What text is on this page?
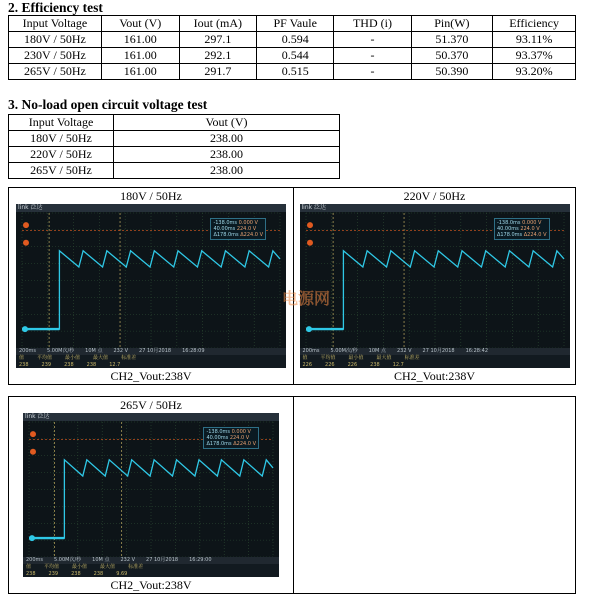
2. Efficiency test
Input Voltage	Vout (V)	Iout (mA)	PF Vaule	THD (i)	Pin(W)	Efficiency
180V / 50Hz	161.00	297.1	0.594	-	51.370	93.11%
230V / 50Hz	161.00	292.1	0.544	-	50.370	93.37%
265V / 50Hz	161.00	291.7	0.515	-	50.390	93.20%
3. No-load open circuit voltage test
Input Voltage	Vout (V)
180V / 50Hz	238.00
220V / 50Hz	238.00
265V / 50Hz	238.00
180V / 50Hz
link 泛达
-138.0ms 0.000 V
40.00ms 224.0 V
Δ178.0ms Δ224.0 V
200ms 5.00M次/秒 10M 点 232 V 27 10月2018 16:28:09
值	平均值	最小值	最大值	标准差
238	239	238	238	12.7
CH2_Vout:238V

220V / 50Hz
link 泛达
-138.0ms 0.000 V
40.00ms 224.0 V
Δ178.0ms Δ224.0 V
200ms 5.00M次/秒 10M 点 232 V 27 10月2018 16:28:42
值	平均值	最小值	最大值	标准差
226	226	226	238	12.7
CH2_Vout:238V
265V / 50Hz
link 泛达
-138.0ms 0.000 V
40.00ms 224.0 V
Δ178.0ms Δ224.0 V
200ms 5.00M次/秒 10M 点 232 V 27 10月2018 16:29:00
值	平均值	最小值	最大值	标准差
238	239	238	238	9.69
CH2_Vout:238V

电源网
